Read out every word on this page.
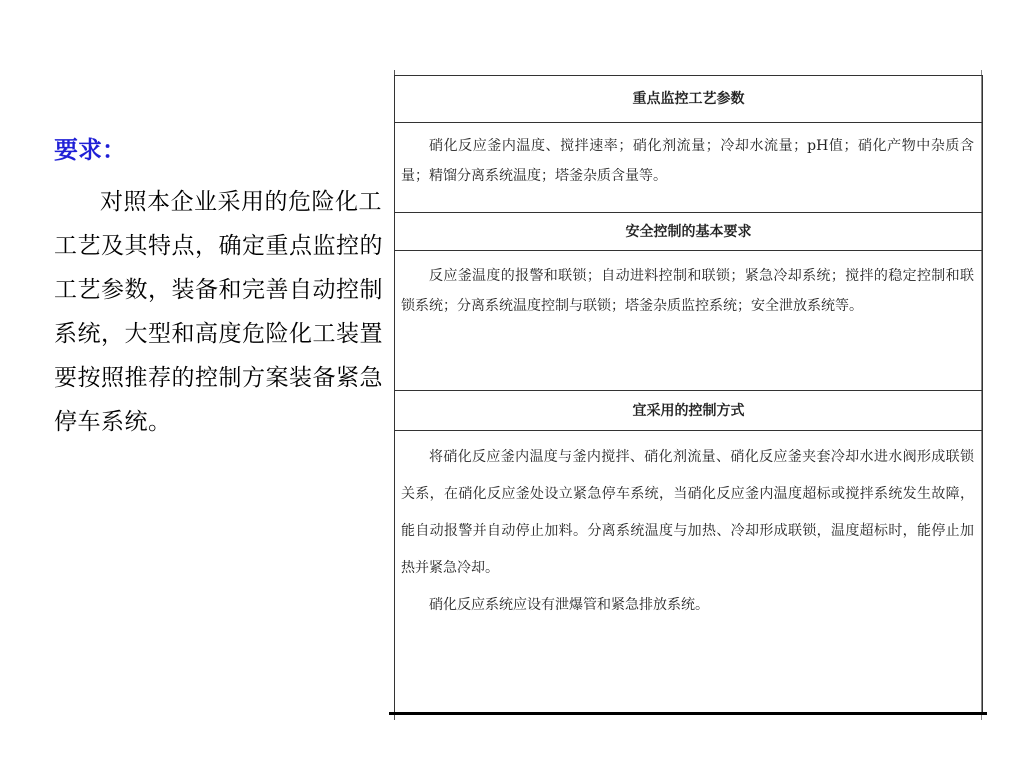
要求：
对照本企业采用的危险化工工艺及其特点，确定重点监控的工艺参数，装备和完善自动控制系统，大型和高度危险化工装置要按照推荐的控制方案装备紧急停车系统。
重点监控工艺参数
硝化反应釜内温度、搅拌速率；硝化剂流量；冷却水流量；pH值；硝化产物中杂质含量；精馏分离系统温度；塔釜杂质含量等。
安全控制的基本要求
反应釜温度的报警和联锁；自动进料控制和联锁；紧急冷却系统；搅拌的稳定控制和联锁系统；分离系统温度控制与联锁；塔釜杂质监控系统；安全泄放系统等。
宜采用的控制方式
将硝化反应釜内温度与釜内搅拌、硝化剂流量、硝化反应釜夹套冷却水进水阀形成联锁关系，在硝化反应釜处设立紧急停车系统，当硝化反应釜内温度超标或搅拌系统发生故障，能自动报警并自动停止加料。分离系统温度与加热、冷却形成联锁，温度超标时，能停止加热并紧急冷却。
硝化反应系统应设有泄爆管和紧急排放系统。
